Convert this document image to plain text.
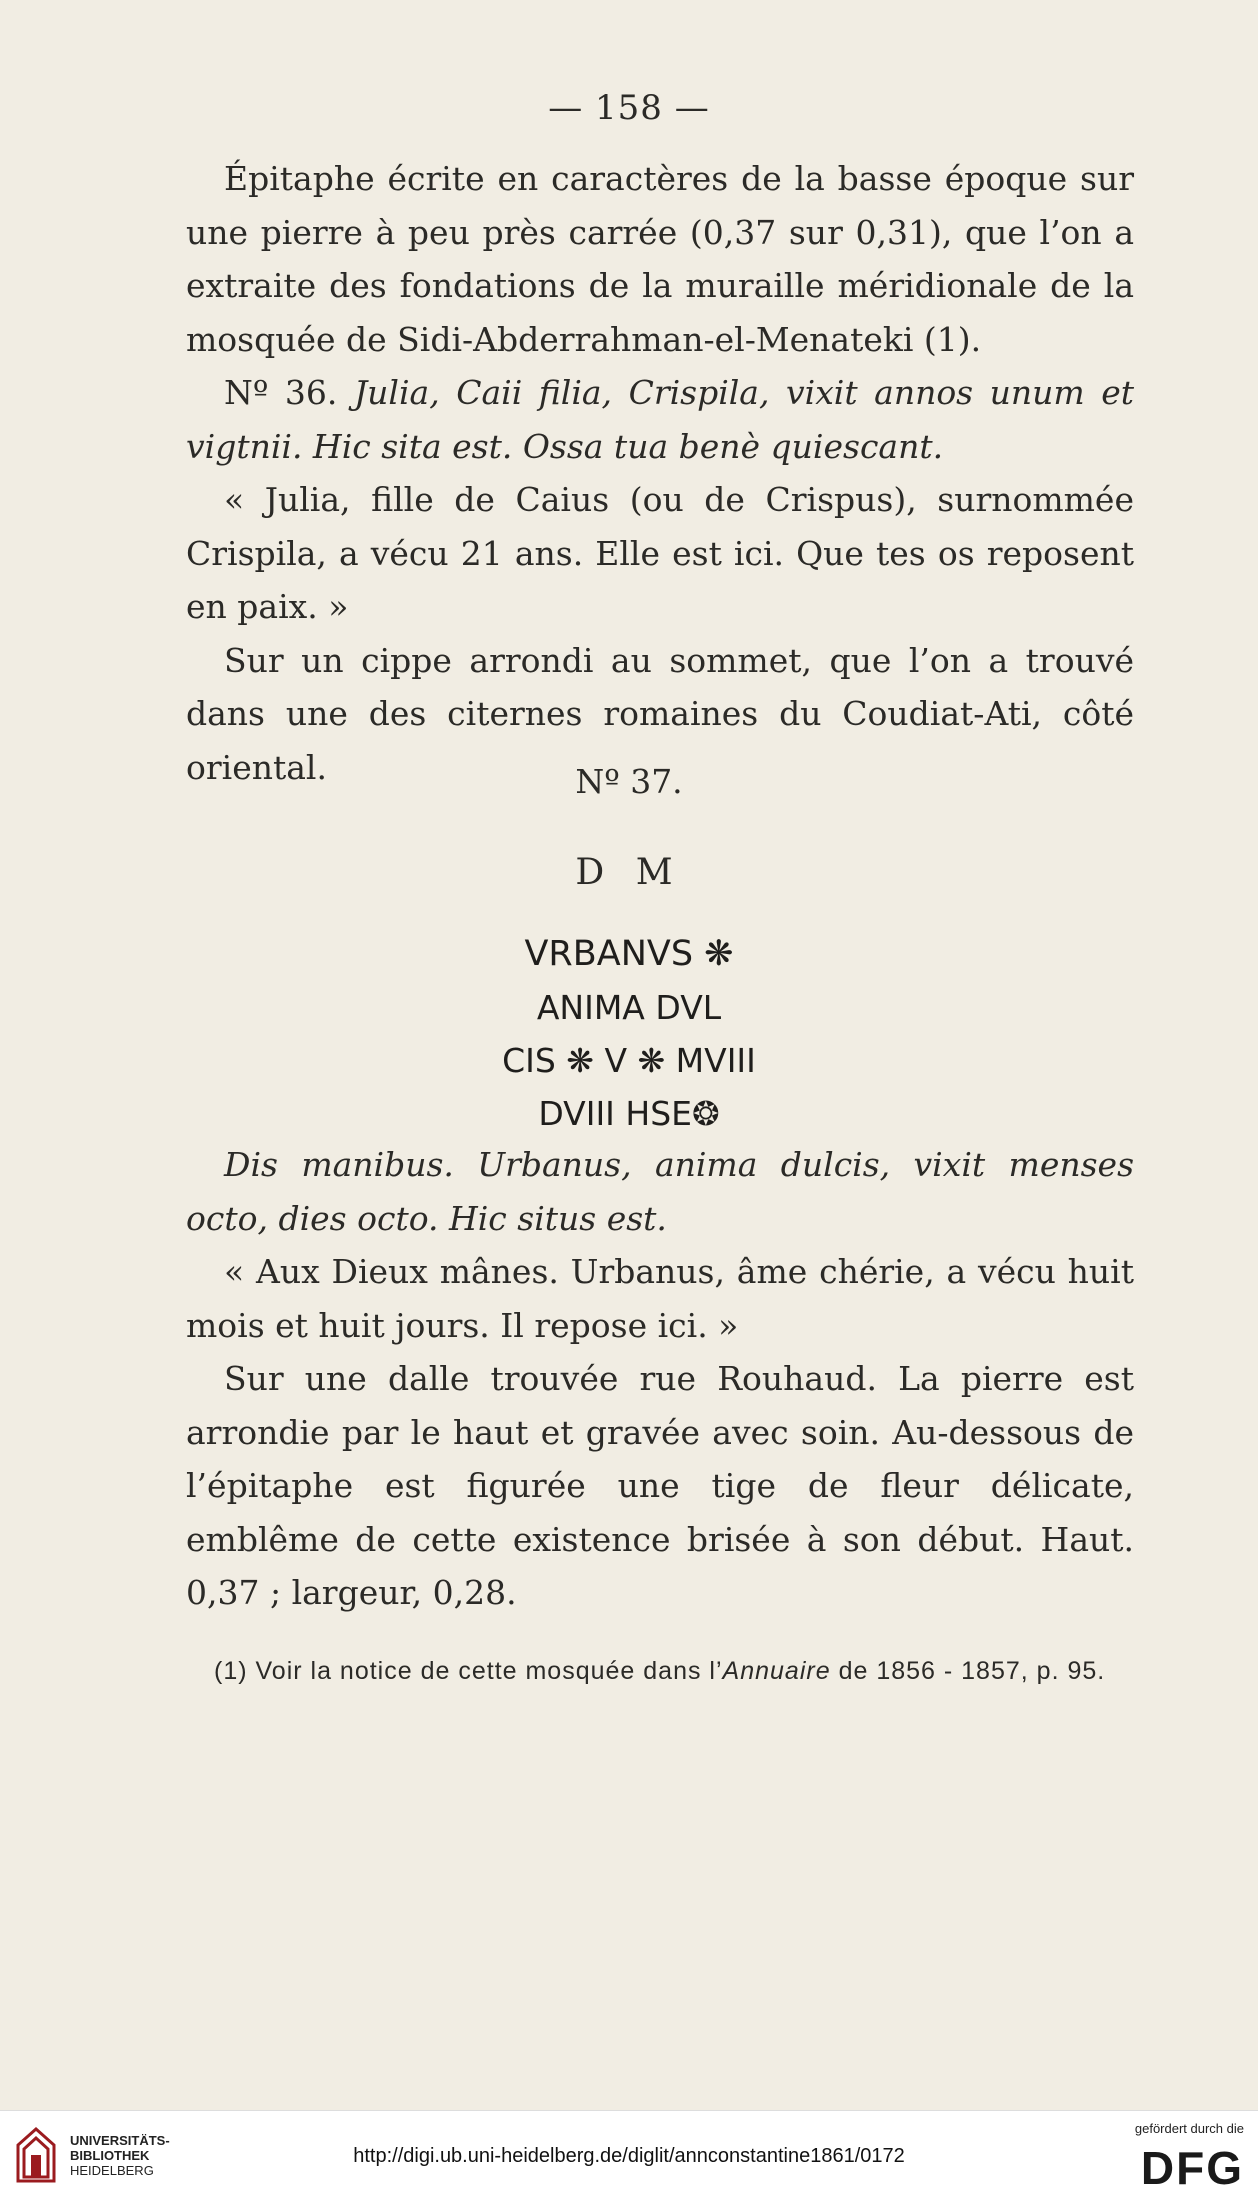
— 158 —

Épitaphe écrite en caractères de la basse époque sur une pierre à peu près carrée (0,37 sur 0,31), que l’on a extraite des fondations de la muraille méridionale de la mosquée de Sidi-Abderrahman-el-Menateki (1).

Nº 36. Julia, Caii filia, Crispila, vixit annos unum et vigtnii. Hic sita est. Ossa tua benè quiescant.

« Julia, fille de Caius (ou de Crispus), surnommée Crispila, a vécu 21 ans. Elle est ici. Que tes os reposent en paix. »

Sur un cippe arrondi au sommet, que l’on a trouvé dans une des citernes romaines du Coudiat-Ati, côté oriental.	Nº 37.
D M
VRBANVS ❋
ANIMA DVL
CIS ❋ V ❋ MVIII
DVIII HSE❂

Dis manibus. Urbanus, anima dulcis, vixit menses octo, dies octo. Hic situs est.

« Aux Dieux mânes. Urbanus, âme chérie, a vécu huit mois et huit jours. Il repose ici. »

Sur une dalle trouvée rue Rouhaud. La pierre est arrondie par le haut et gravée avec soin. Au-dessous de l’épitaphe est figurée une tige de fleur délicate, emblême de cette existence brisée à son début. Haut. 0,37 ; largeur, 0,28.

(1) Voir la notice de cette mosquée dans l’Annuaire de 1856 - 1857, p. 95.
UNIVERSITÄTS-
BIBLIOTHEK
HEIDELBERG
http://digi.ub.uni-heidelberg.de/diglit/annconstantine1861/0172
gefördert durch die
DFG
